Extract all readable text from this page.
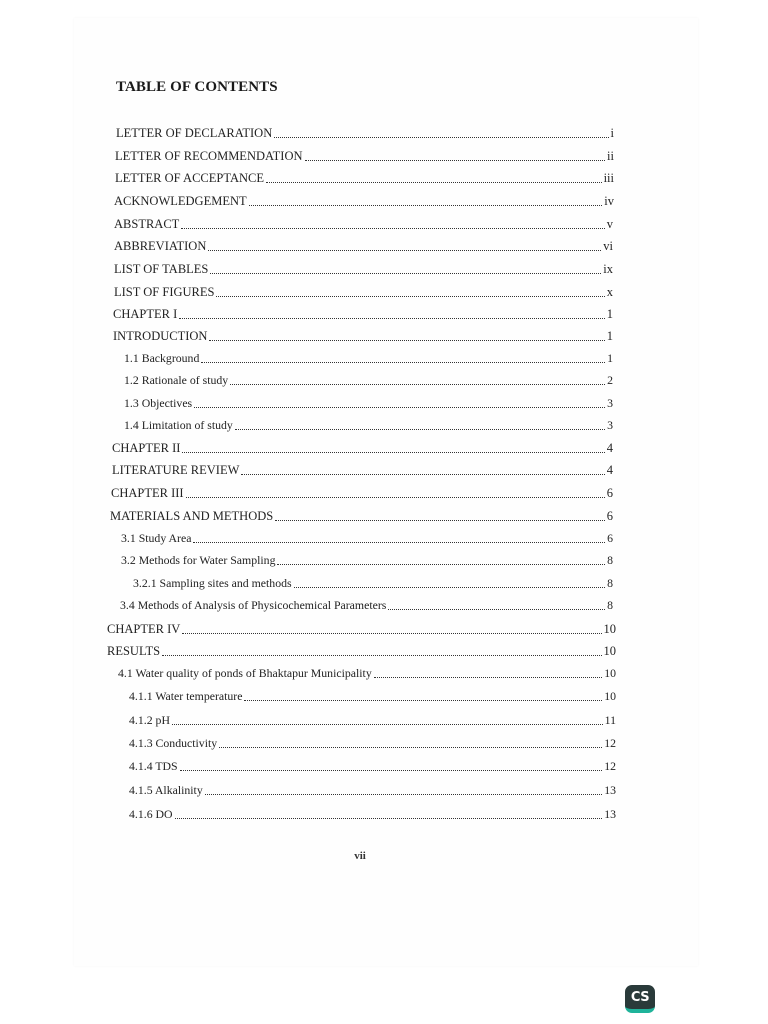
TABLE OF CONTENTS
LETTER OF DECLARATION	i
LETTER OF RECOMMENDATION	ii
LETTER OF ACCEPTANCE	iii
ACKNOWLEDGEMENT	iv
ABSTRACT	v
ABBREVIATION	vi
LIST OF TABLES	ix
LIST OF FIGURES	x
CHAPTER I	1
INTRODUCTION	1
1.1 Background	1
1.2 Rationale of study	2
1.3 Objectives	3
1.4 Limitation of study	3
CHAPTER II	4
LITERATURE REVIEW	4
CHAPTER III	6
MATERIALS AND METHODS	6
3.1 Study Area	6
3.2 Methods for Water Sampling	8
3.2.1 Sampling sites and methods	8
3.4 Methods of Analysis of Physicochemical Parameters	8
CHAPTER IV	10
RESULTS	10
4.1 Water quality of ponds of Bhaktapur Municipality	10
4.1.1 Water temperature	10
4.1.2 pH	11
4.1.3 Conductivity	12
4.1.4 TDS	12
4.1.5 Alkalinity	13
4.1.6 DO	13
vii
CS
